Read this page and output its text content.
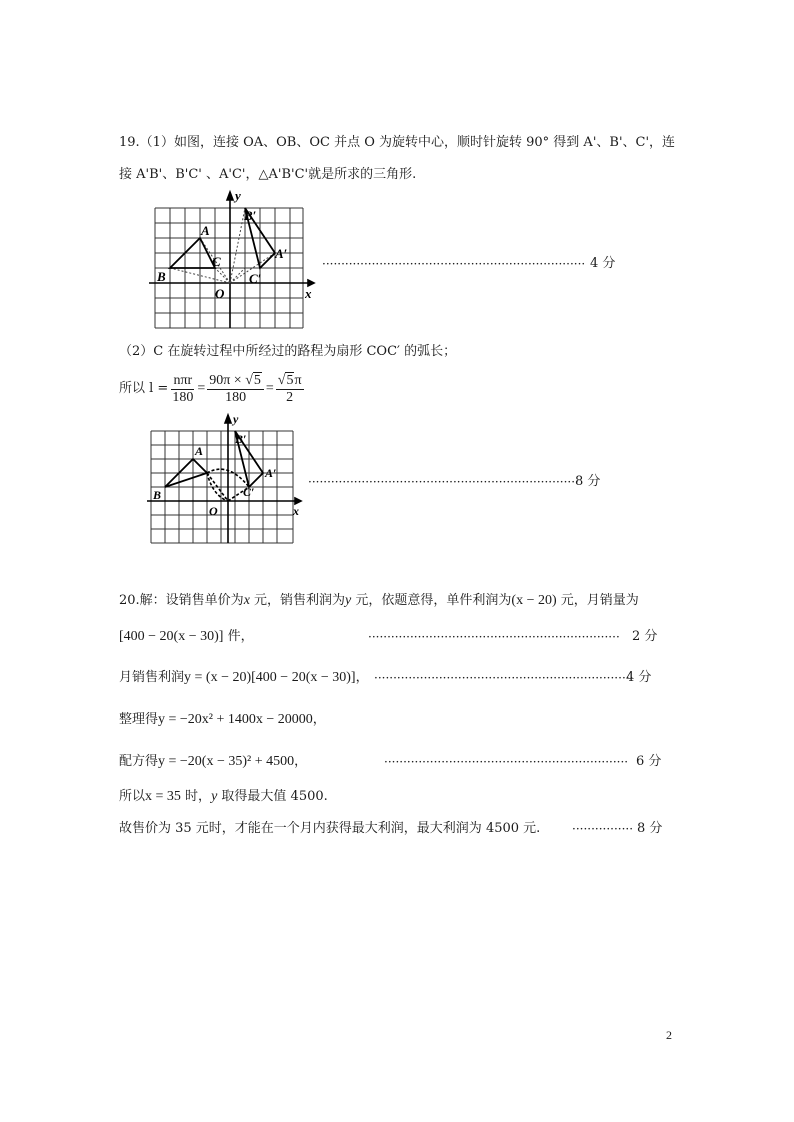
19.（1）如图，连接 OA、OB、OC 并点 O 为旋转中心，顺时针旋转 90° 得到 A'、B'、C'，连
接 A'B'、B'C' 、A'C'，△A'B'C'就是所求的三角形.
A
B
C
O	x
y
B′
A′
C′
····································································· 4 分
（2）C 在旋转过程中所经过的路程为扇形 COC′ 的弧长；
所以 $l = \frac{\text{nπr}}{180} = \frac{90\pi \times √5}{180} = \frac{√5\pi}{2}$
A
B
O	x
y
B′
A′
C′
·······································································
8 分
20.解：设销售单价为x 元，销售利润为y 元，依题意得，单件利润为(x − 20) 元，月销量为
[400 − 20(x − 30)] 件，	·································································· 2 分
月销售利润y = (x − 20)[400 − 20(x − 30)]， ····································································
4 分
整理得y = −20x² + 1400x − 20000，
配方得y = −20(x − 35)² + 4500，	································································ 6 分
所以x = 35 时，y 取得最大值 4500.
故售价为 35 元时，才能在一个月内获得最大利润，最大利润为 4500 元.	················ 8 分
2
